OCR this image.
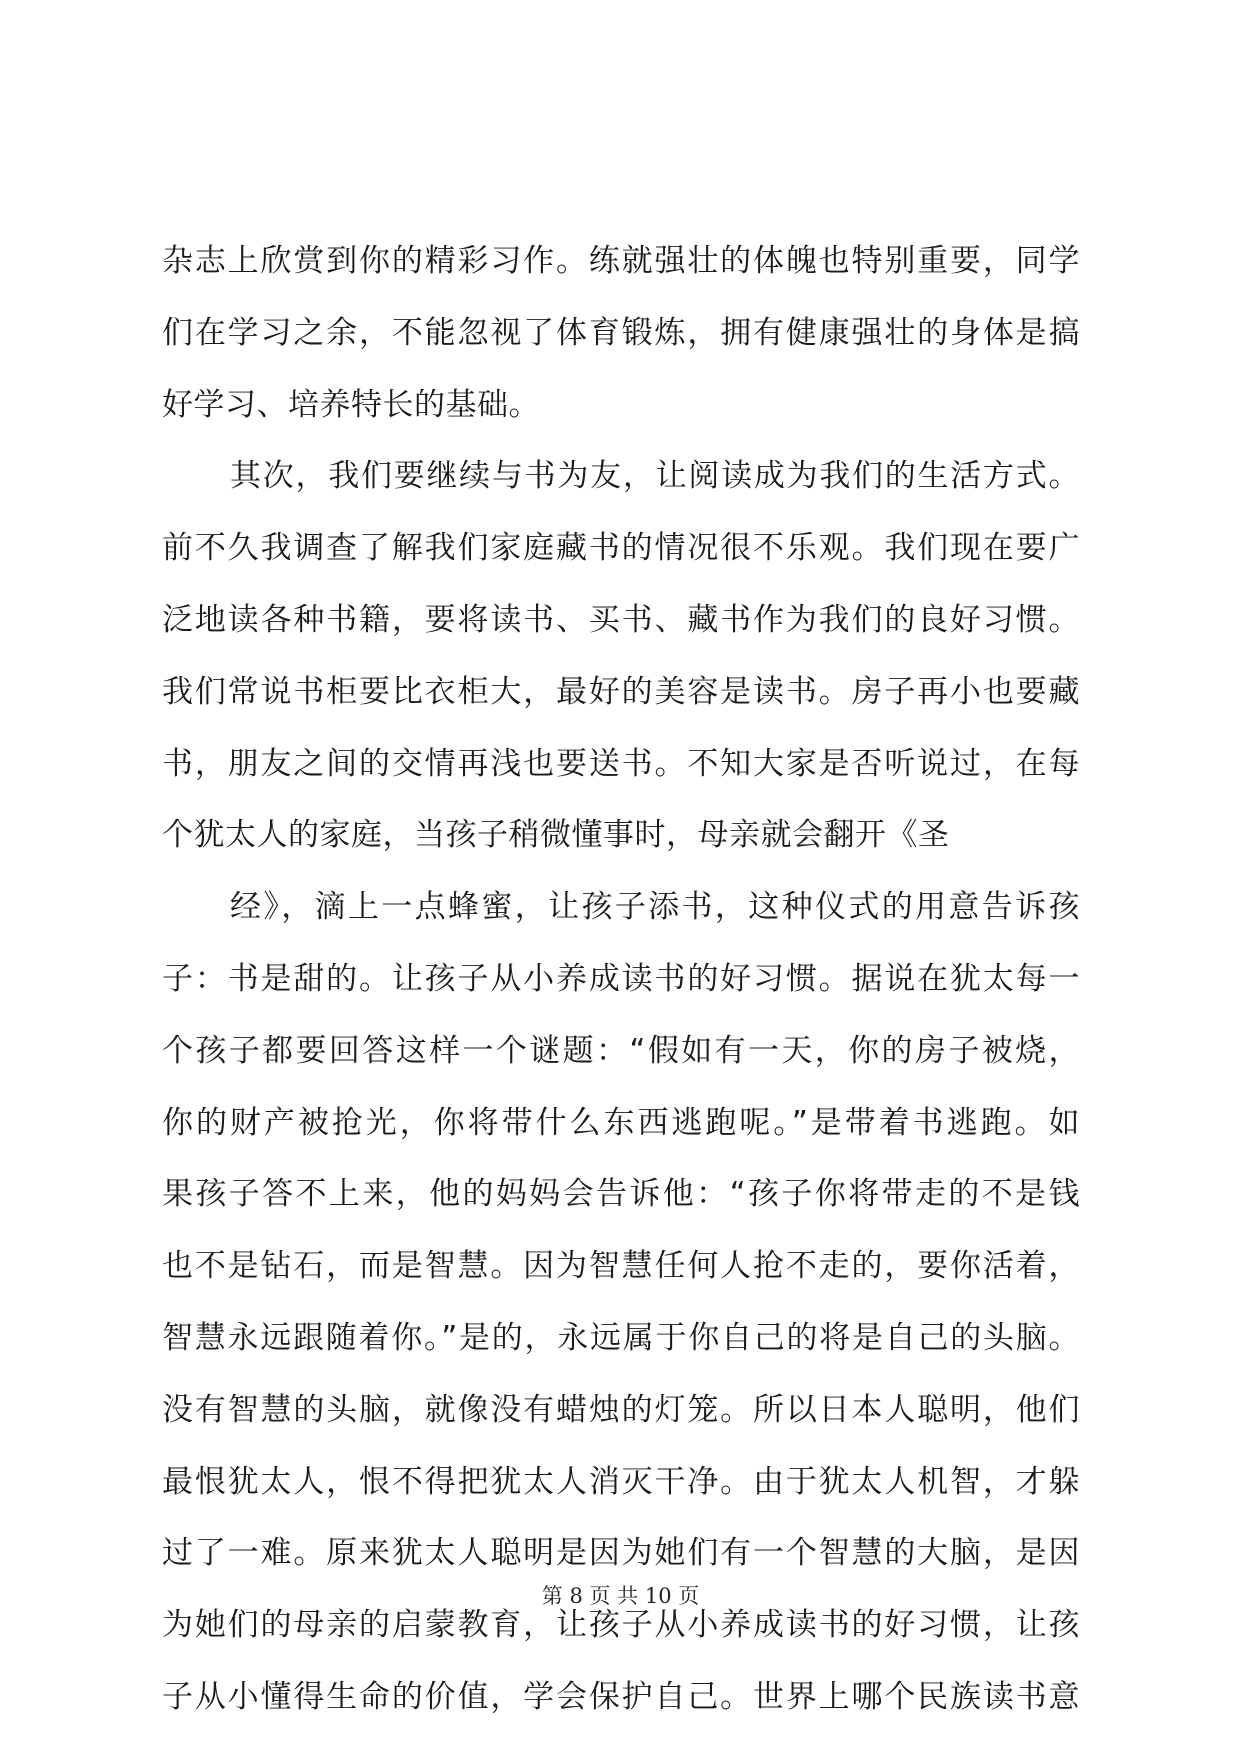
杂志上欣赏到你的精彩习作。练就强壮的体魄也特别重要，同学
们在学习之余，不能忽视了体育锻炼，拥有健康强壮的身体是搞
好学习、培养特长的基础。
其次，我们要继续与书为友，让阅读成为我们的生活方式。
前不久我调查了解我们家庭藏书的情况很不乐观。我们现在要广
泛地读各种书籍，要将读书、买书、藏书作为我们的良好习惯。
我们常说书柜要比衣柜大，最好的美容是读书。房子再小也要藏
书，朋友之间的交情再浅也要送书。不知大家是否听说过，在每
个犹太人的家庭，当孩子稍微懂事时，母亲就会翻开《圣
经》，滴上一点蜂蜜，让孩子添书，这种仪式的用意告诉孩
子：书是甜的。让孩子从小养成读书的好习惯。据说在犹太每一
个孩子都要回答这样一个谜题：“假如有一天，你的房子被烧，
你的财产被抢光，你将带什么东西逃跑呢。”是带着书逃跑。如
果孩子答不上来，他的妈妈会告诉他：“孩子你将带走的不是钱
也不是钻石，而是智慧。因为智慧任何人抢不走的，要你活着，
智慧永远跟随着你。”是的，永远属于你自己的将是自己的头脑。
没有智慧的头脑，就像没有蜡烛的灯笼。所以日本人聪明，他们
最恨犹太人，恨不得把犹太人消灭干净。由于犹太人机智，才躲
过了一难。原来犹太人聪明是因为她们有一个智慧的大脑，是因
为她们的母亲的启蒙教育，让孩子从小养成读书的好习惯，让孩
子从小懂得生命的价值，学会保护自己。世界上哪个民族读书意
第 8 页 共 10 页
